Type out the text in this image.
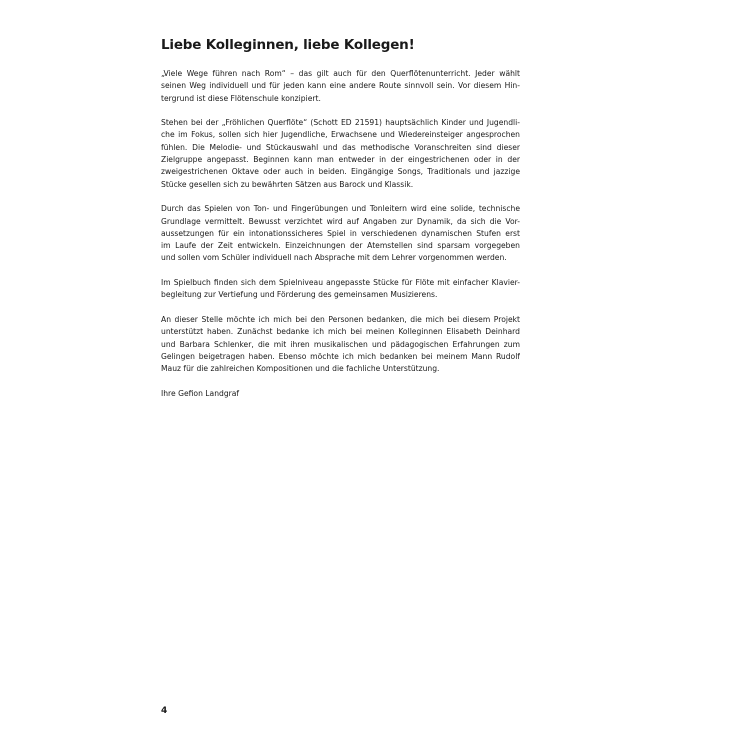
Liebe Kolleginnen, liebe Kollegen!
„Viele Wege führen nach Rom“ – das gilt auch für den Querflötenunterricht. Jeder wählt
seinen Weg individuell und für jeden kann eine andere Route sinnvoll sein. Vor diesem Hin-
tergrund ist diese Flötenschule konzipiert.
Stehen bei der „Fröhlichen Querflöte“ (Schott ED 21591) hauptsächlich Kinder und Jugendli-
che im Fokus, sollen sich hier Jugendliche, Erwachsene und Wiedereinsteiger angesprochen
fühlen. Die Melodie- und Stückauswahl und das methodische Voranschreiten sind dieser
Zielgruppe angepasst. Beginnen kann man entweder in der eingestrichenen oder in der
zweigestrichenen Oktave oder auch in beiden. Eingängige Songs, Traditionals und jazzige
Stücke gesellen sich zu bewährten Sätzen aus Barock und Klassik.
Durch das Spielen von Ton- und Fingerübungen und Tonleitern wird eine solide, technische
Grundlage vermittelt. Bewusst verzichtet wird auf Angaben zur Dynamik, da sich die Vor-
aussetzungen für ein intonationssicheres Spiel in verschiedenen dynamischen Stufen erst
im Laufe der Zeit entwickeln. Einzeichnungen der Atemstellen sind sparsam vorgegeben
und sollen vom Schüler individuell nach Absprache mit dem Lehrer vorgenommen werden.
Im Spielbuch finden sich dem Spielniveau angepasste Stücke für Flöte mit einfacher Klavier-
begleitung zur Vertiefung und Förderung des gemeinsamen Musizierens.
An dieser Stelle möchte ich mich bei den Personen bedanken, die mich bei diesem Projekt
unterstützt haben. Zunächst bedanke ich mich bei meinen Kolleginnen Elisabeth Deinhard
und Barbara Schlenker, die mit ihren musikalischen und pädagogischen Erfahrungen zum
Gelingen beigetragen haben. Ebenso möchte ich mich bedanken bei meinem Mann Rudolf
Mauz für die zahlreichen Kompositionen und die fachliche Unterstützung.
Ihre Gefion Landgraf
4
